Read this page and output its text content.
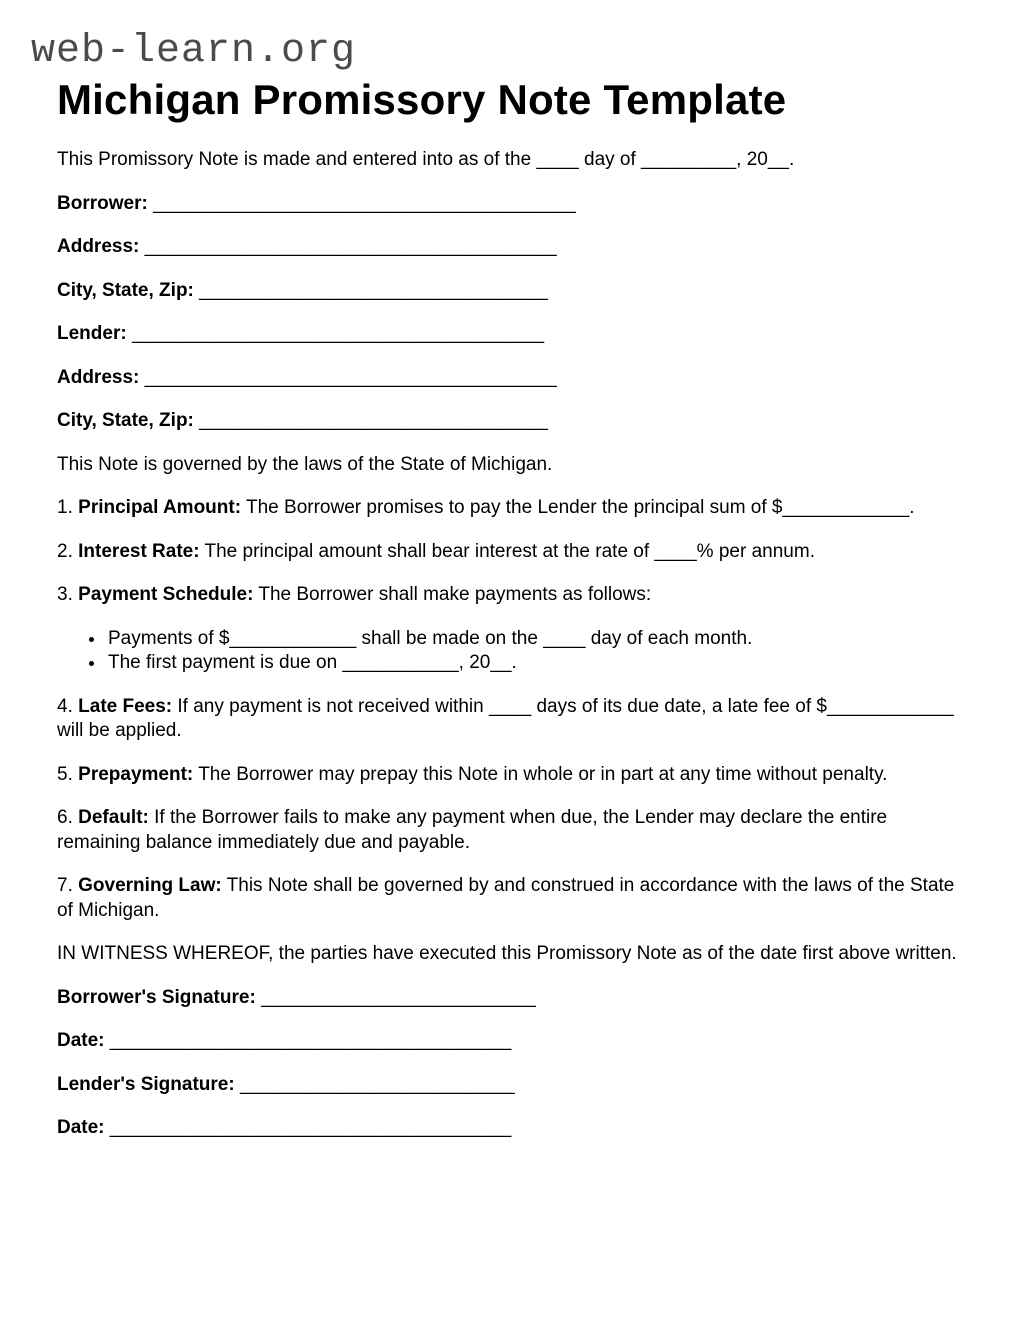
web-learn.org
Michigan Promissory Note Template

This Promissory Note is made and entered into as of the ____ day of _________, 20__.

Borrower: ________________________________________

Address: _______________________________________

City, State, Zip: _________________________________

Lender: _______________________________________

Address: _______________________________________

City, State, Zip: _________________________________

This Note is governed by the laws of the State of Michigan.

1. Principal Amount: The Borrower promises to pay the Lender the principal sum of $____________.

2. Interest Rate: The principal amount shall bear interest at the rate of ____% per annum.

3. Payment Schedule: The Borrower shall make payments as follows:

• Payments of $____________ shall be made on the ____ day of each month.
• The first payment is due on ___________, 20__.

4. Late Fees: If any payment is not received within ____ days of its due date, a late fee of $____________ will be applied.

5. Prepayment: The Borrower may prepay this Note in whole or in part at any time without penalty.

6. Default: If the Borrower fails to make any payment when due, the Lender may declare the entire remaining balance immediately due and payable.

7. Governing Law: This Note shall be governed by and construed in accordance with the laws of the State of Michigan.

IN WITNESS WHEREOF, the parties have executed this Promissory Note as of the date first above written.

Borrower's Signature: __________________________

Date: ______________________________________

Lender's Signature: __________________________

Date: ______________________________________
